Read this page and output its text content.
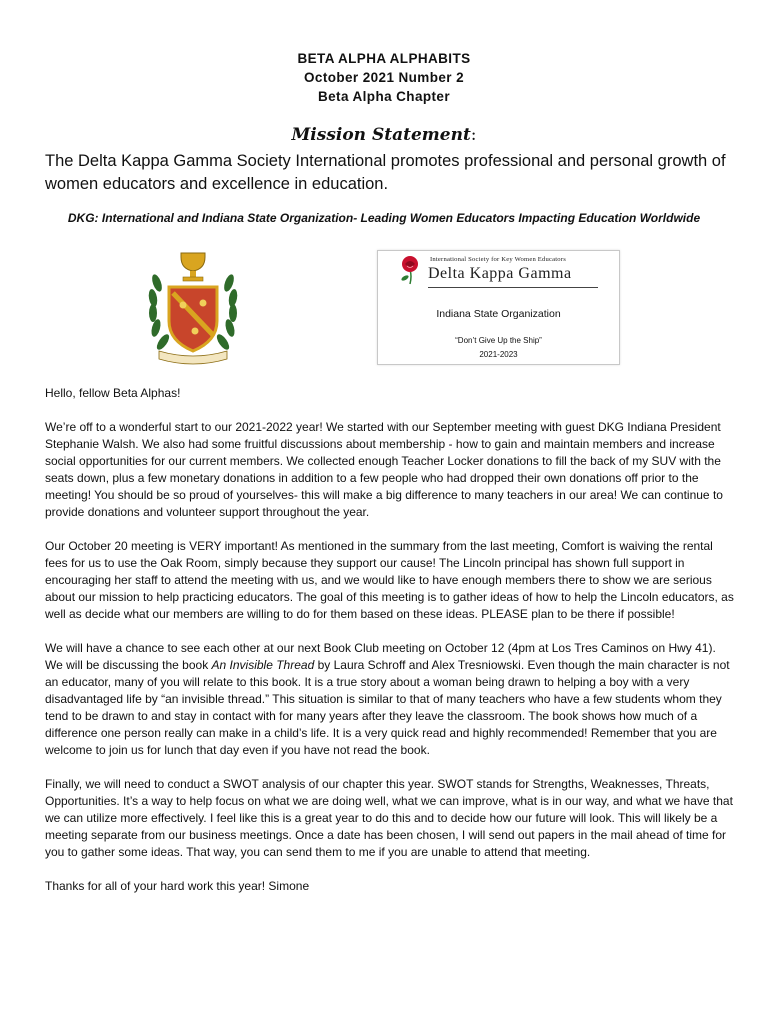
BETA ALPHA ALPHABITS
October 2021 Number 2
Beta Alpha Chapter
Mission Statement:
The Delta Kappa Gamma Society International promotes professional and personal growth of women educators and excellence in education.
DKG: International and Indiana State Organization- Leading Women Educators Impacting Education Worldwide
International Society for Key Women Educators
Delta Kappa Gamma
Indiana State Organization
“Don’t Give Up the Ship”
2021-2023

Hello, fellow Beta Alphas!

We’re off to a wonderful start to our 2021-2022 year! We started with our September meeting with guest DKG Indiana President Stephanie Walsh. We also had some fruitful discussions about membership - how to gain and maintain members and increase social opportunities for our current members. We collected enough Teacher Locker donations to fill the back of my SUV with the seats down, plus a few monetary donations in addition to a few people who had dropped their own donations off prior to the meeting! You should be so proud of yourselves- this will make a big difference to many teachers in our area! We can continue to provide donations and volunteer support throughout the year.

Our October 20 meeting is VERY important! As mentioned in the summary from the last meeting, Comfort is waiving the rental fees for us to use the Oak Room, simply because they support our cause! The Lincoln principal has shown full support in encouraging her staff to attend the meeting with us, and we would like to have enough members there to show we are serious about our mission to help practicing educators. The goal of this meeting is to gather ideas of how to help the Lincoln educators, as well as decide what our members are willing to do for them based on these ideas. PLEASE plan to be there if possible!

We will have a chance to see each other at our next Book Club meeting on October 12 (4pm at Los Tres Caminos on Hwy 41). We will be discussing the book An Invisible Thread by Laura Schroff and Alex Tresniowski. Even though the main character is not an educator, many of you will relate to this book. It is a true story about a woman being drawn to helping a boy with a very disadvantaged life by “an invisible thread.” This situation is similar to that of many teachers who have a few students whom they tend to be drawn to and stay in contact with for many years after they leave the classroom. The book shows how much of a difference one person really can make in a child’s life. It is a very quick read and highly recommended! Remember that you are welcome to join us for lunch that day even if you have not read the book.

Finally, we will need to conduct a SWOT analysis of our chapter this year. SWOT stands for Strengths, Weaknesses, Threats, Opportunities. It’s a way to help focus on what we are doing well, what we can improve, what is in our way, and what we have that we can utilize more effectively. I feel like this is a great year to do this and to decide how our future will look. This will likely be a meeting separate from our business meetings. Once a date has been chosen, I will send out papers in the mail ahead of time for you to gather some ideas. That way, you can send them to me if you are unable to attend that meeting.

Thanks for all of your hard work this year! Simone
